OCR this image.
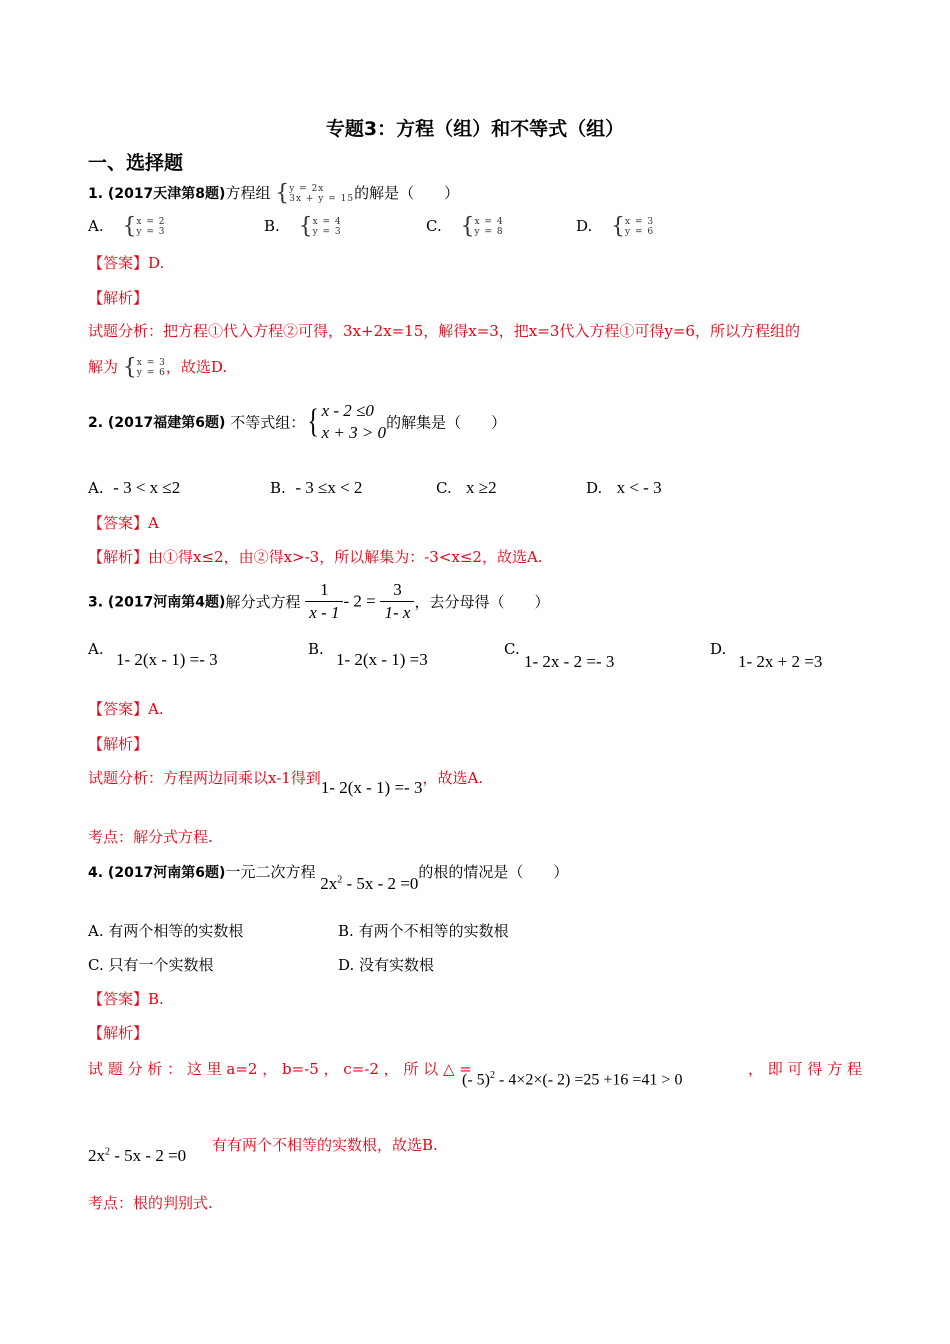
专题3：方程（组）和不等式（组）
一、选择题
1. (2017天津第8题)方程组 { y = 2x
3x + y = 15 的解是（　　）
A. { x = 2
y = 3	B. { x = 4
y = 3	C. { x = 4
y = 8	D. { x = 3
y = 6
【答案】D.
【解析】
试题分析：把方程①代入方程②可得，3x+2x=15，解得x=3，把x=3代入方程①可得y=6，所以方程组的
解为 { x = 3
y = 6 ，故选D.
2. (2017福建第6题) 不等式组：{ x - 2 ≤0
x + 3 > 0
的解集是（　　）
A. - 3 < x ≤2	B. - 3 ≤x < 2	C. x ≥2	D. x < - 3
【答案】A
【解析】由①得x≤2，由②得x>-3，所以解集为：-3<x≤2，故选A.
3. (2017河南第4题)解分式方程 $\frac{1}{x - 1} - 2 = \frac{3}{1- x}$ ，去分母得（　　）
A.
1- 2(x - 1) =- 3
B.
1- 2(x - 1) =3
C.
1- 2x - 2 =- 3
D.
1- 2x + 2 =3
【答案】A.
【解析】
试题分析：方程两边同乘以x-1得到1- 2(x - 1) =- 3，故选A.
考点：解分式方程.
4. (2017河南第6题)一元二次方程 $2x^2 - 5x - 2 =0$的根的情况是（　　）
A. 有两个相等的实数根	B. 有两个不相等的实数根
C. 只有一个实数根	D. 没有实数根
【答案】B.
【解析】
试 题 分 析 ： 这 里 a=2 ， b=-5 ， c=-2 ， 所 以 △ =
(- 5)$^2$ - 4×2×(- 2) =25 +16 =41 > 0
， 即 可 得 方 程
$2x^2 - 5x - 2 =0$
有有两个不相等的实数根，故选B.
考点：根的判别式.
